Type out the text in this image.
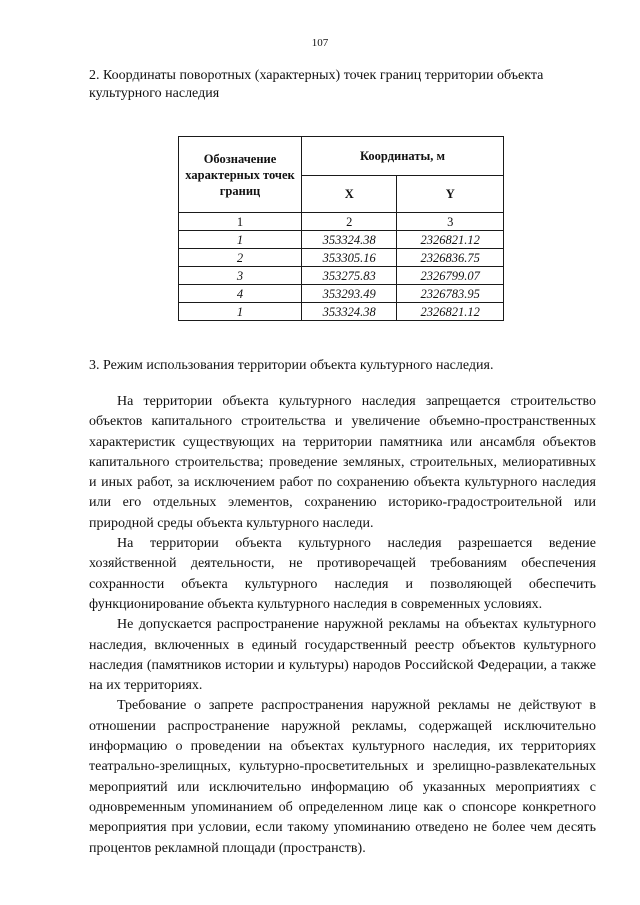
107
2. Координаты поворотных (характерных) точек границ территории объекта культурного наследия
Обозначение характерных точек границ	Координаты, м	
	X	Y
1	2	3
1	353324.38	2326821.12
2	353305.16	2326836.75
3	353275.83	2326799.07
4	353293.49	2326783.95
1	353324.38	2326821.12
3. Режим использования территории объекта культурного наследия.

На территории объекта культурного наследия запрещается строительство объектов капитального строительства и увеличение объемно-пространственных характеристик существующих на территории памятника или ансамбля объектов капитального строительства; проведение земляных, строительных, мелиоративных и иных работ, за исключением работ по сохранению объекта культурного наследия или его отдельных элементов, сохранению историко-градостроительной или природной среды объекта культурного наследи.

На территории объекта культурного наследия разрешается ведение хозяйственной деятельности, не противоречащей требованиям обеспечения сохранности объекта культурного наследия и позволяющей обеспечить функционирование объекта культурного наследия в современных условиях.

Не допускается распространение наружной рекламы на объектах культурного наследия, включенных в единый государственный реестр объектов культурного наследия (памятников истории и культуры) народов Российской Федерации, а также на их территориях.

Требование о запрете распространения наружной рекламы не действуют в отношении распространение наружной рекламы, содержащей исключительно информацию о проведении на объектах культурного наследия, их территориях театрально-зрелищных, культурно-просветительных и зрелищно-развлекательных мероприятий или исключительно информацию об указанных мероприятиях с одновременным упоминанием об определенном лице как о спонсоре конкретного мероприятия при условии, если такому упоминанию отведено не более чем десять процентов рекламной площади (пространств).
